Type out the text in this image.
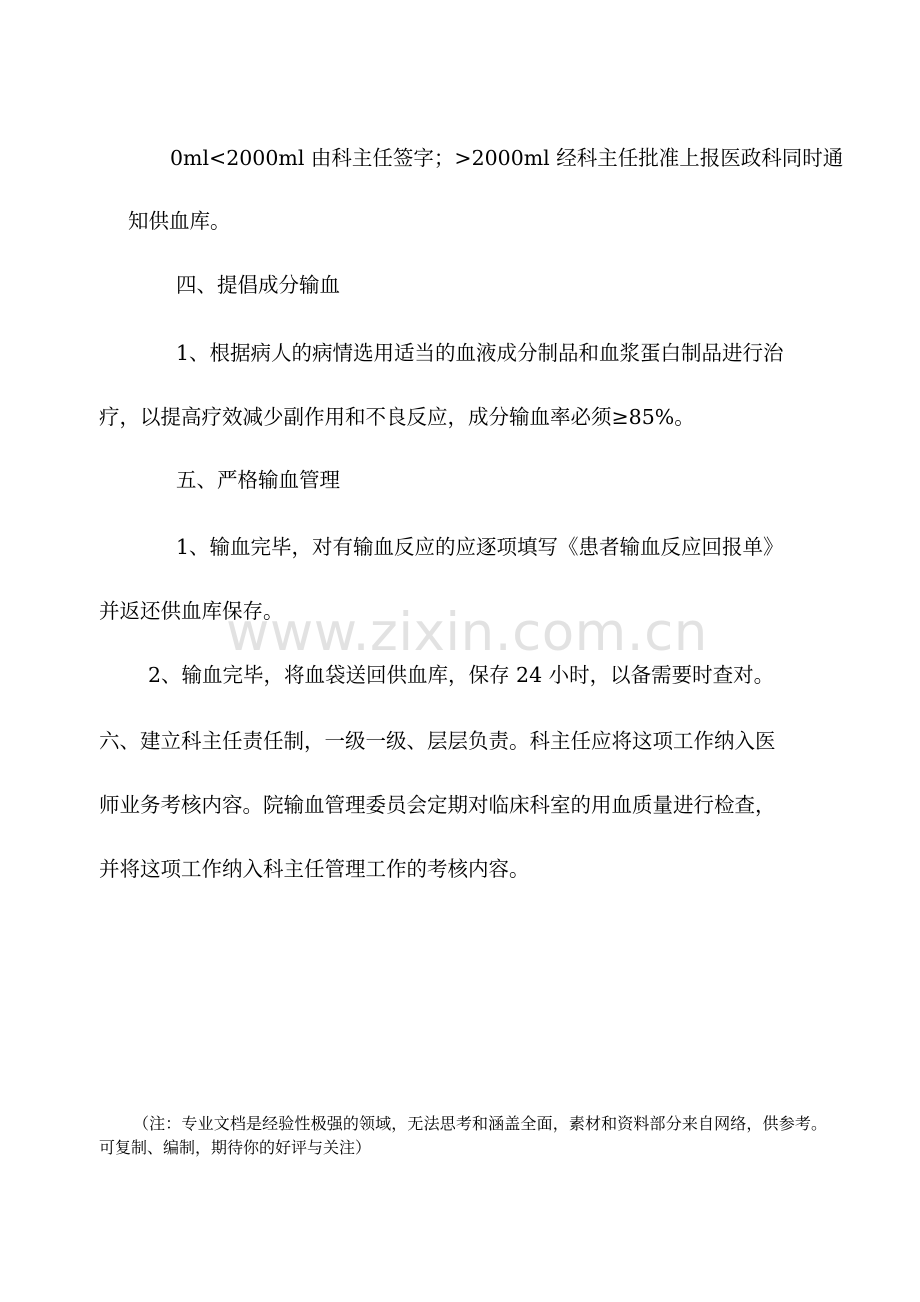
0ml<2000ml 由科主任签字；>2000ml 经科主任批准上报医政科同时通
知供血库。
四、提倡成分输血
1、根据病人的病情选用适当的血液成分制品和血浆蛋白制品进行治
疗，以提高疗效减少副作用和不良反应，成分输血率必须≥85%。
五、严格输血管理
1、输血完毕，对有输血反应的应逐项填写《患者输血反应回报单》
并返还供血库保存。
2、输血完毕，将血袋送回供血库，保存 24 小时，以备需要时查对。
六、建立科主任责任制，一级一级、层层负责。科主任应将这项工作纳入医
师业务考核内容。院输血管理委员会定期对临床科室的用血质量进行检查，
并将这项工作纳入科主任管理工作的考核内容。
www.zixin.com.cn
（注：专业文档是经验性极强的领域，无法思考和涵盖全面，素材和资料部分来自网络，供参考。可复制、编制，期待你的好评与关注）
